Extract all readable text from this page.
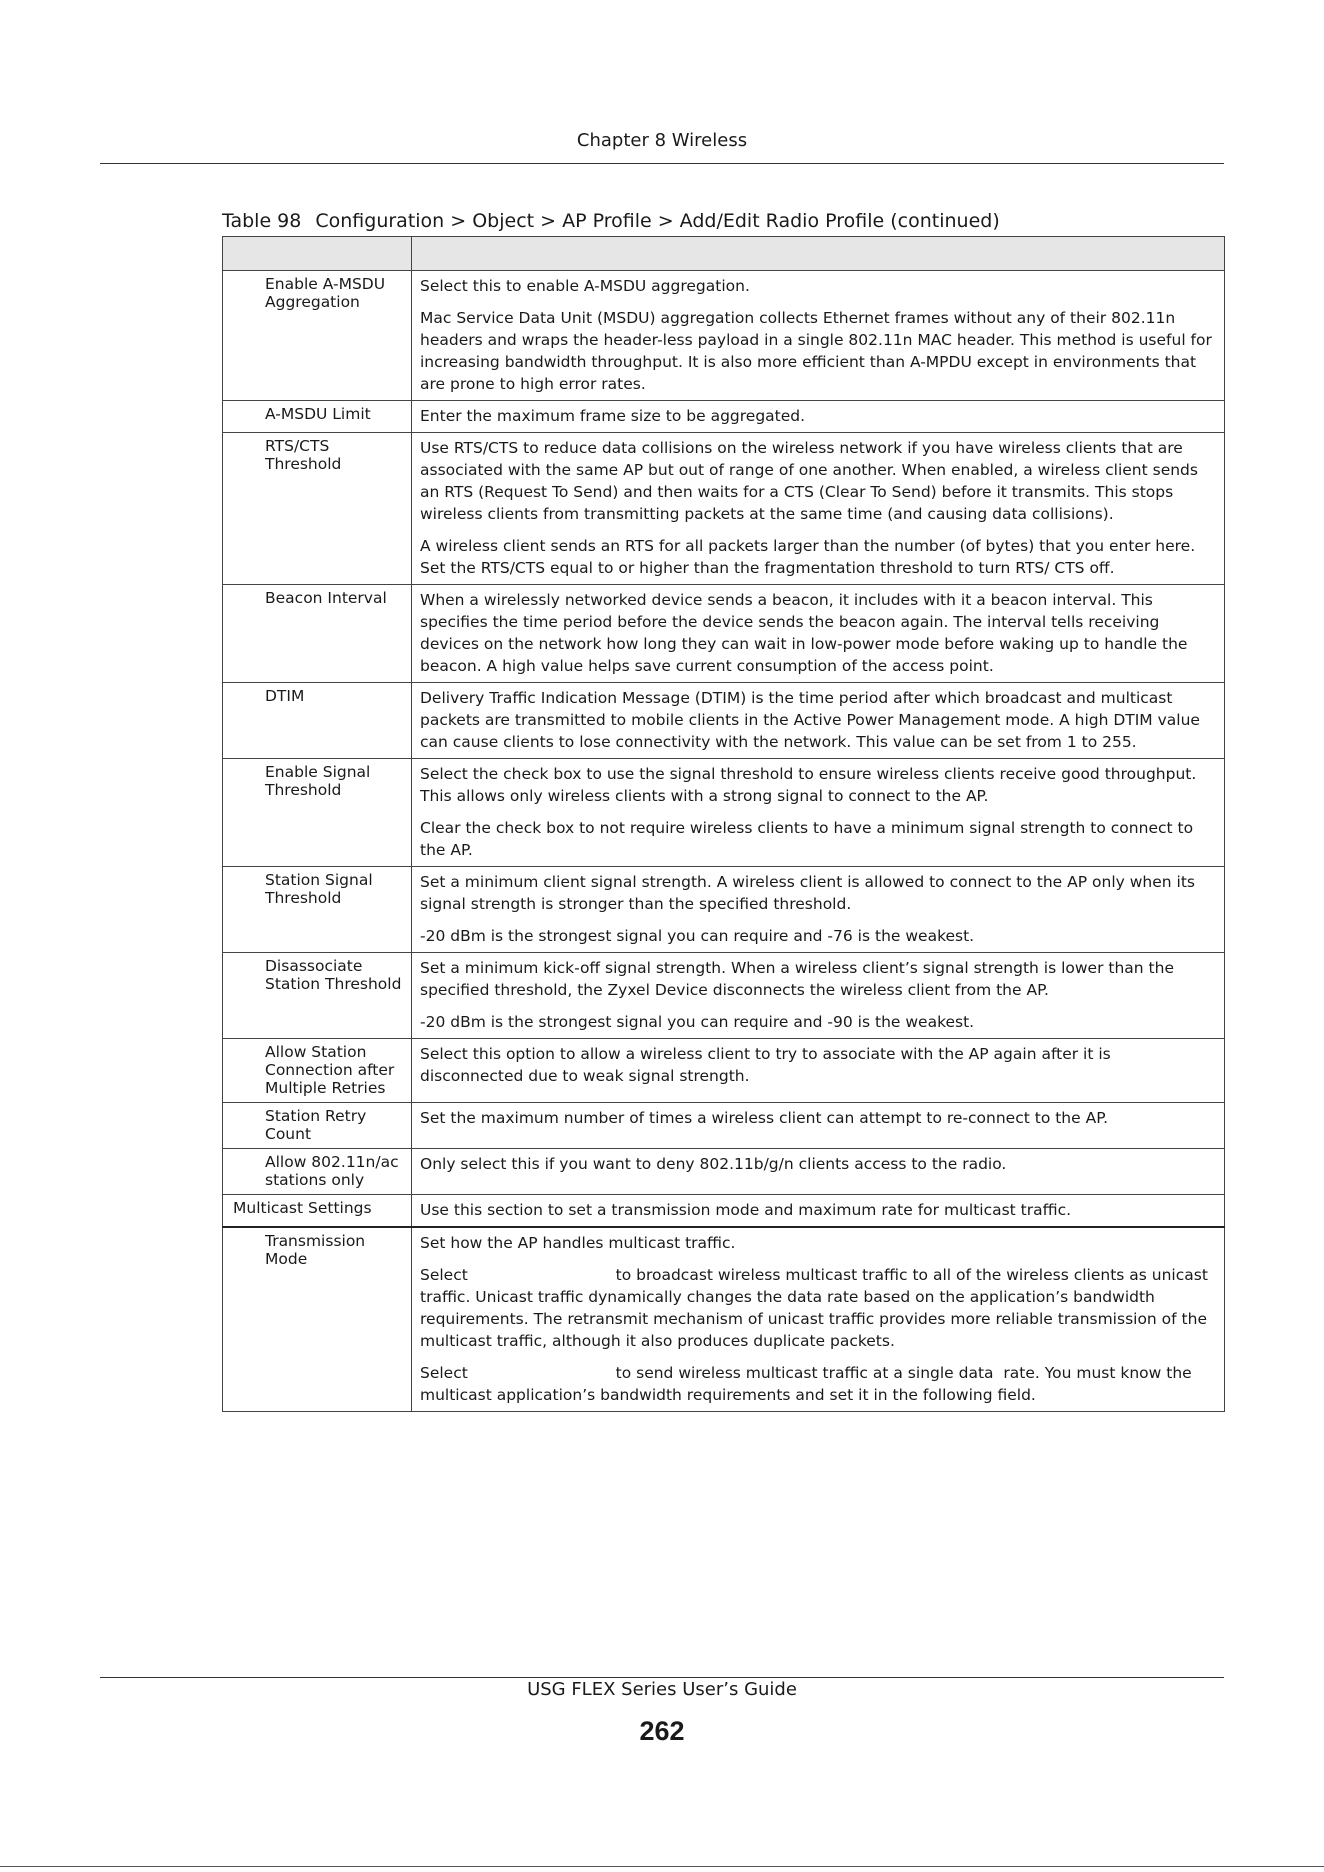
Chapter 8 Wireless
Table 98 Configuration > Object > AP Profile > Add/Edit Radio Profile (continued)

Enable A-MSDU Aggregation	Select this to enable A-MSDU aggregation.

Mac Service Data Unit (MSDU) aggregation collects Ethernet frames without any of their 802.11n headers and wraps the header-less payload in a single 802.11n MAC header. This method is useful for increasing bandwidth throughput. It is also more efficient than A-MPDU except in environments that are prone to high error rates.

A-MSDU Limit	Enter the maximum frame size to be aggregated.

RTS/CTS Threshold	Use RTS/CTS to reduce data collisions on the wireless network if you have wireless clients that are associated with the same AP but out of range of one another. When enabled, a wireless client sends an RTS (Request To Send) and then waits for a CTS (Clear To Send) before it transmits. This stops wireless clients from transmitting packets at the same time (and causing data collisions).

A wireless client sends an RTS for all packets larger than the number (of bytes) that you enter here. Set the RTS/CTS equal to or higher than the fragmentation threshold to turn RTS/ CTS off.

Beacon Interval	When a wirelessly networked device sends a beacon, it includes with it a beacon interval. This specifies the time period before the device sends the beacon again. The interval tells receiving devices on the network how long they can wait in low-power mode before waking up to handle the beacon. A high value helps save current consumption of the access point.

DTIM	Delivery Traffic Indication Message (DTIM) is the time period after which broadcast and multicast packets are transmitted to mobile clients in the Active Power Management mode. A high DTIM value can cause clients to lose connectivity with the network. This value can be set from 1 to 255.

Enable Signal Threshold	Select the check box to use the signal threshold to ensure wireless clients receive good throughput. This allows only wireless clients with a strong signal to connect to the AP.

Clear the check box to not require wireless clients to have a minimum signal strength to connect to the AP.

Station Signal Threshold	Set a minimum client signal strength. A wireless client is allowed to connect to the AP only when its signal strength is stronger than the specified threshold.

-20 dBm is the strongest signal you can require and -76 is the weakest.

Disassociate Station Threshold	Set a minimum kick-off signal strength. When a wireless client’s signal strength is lower than the specified threshold, the Zyxel Device disconnects the wireless client from the AP.

-20 dBm is the strongest signal you can require and -90 is the weakest.

Allow Station Connection after Multiple Retries	Select this option to allow a wireless client to try to associate with the AP again after it is disconnected due to weak signal strength.

Station Retry Count	Set the maximum number of times a wireless client can attempt to re-connect to the AP.

Allow 802.11n/ac stations only	Only select this if you want to deny 802.11b/g/n clients access to the radio.

Multicast Settings	Use this section to set a transmission mode and maximum rate for multicast traffic.

Transmission Mode	Set how the AP handles multicast traffic.

Select                              to broadcast wireless multicast traffic to all of the wireless clients as unicast traffic. Unicast traffic dynamically changes the data rate based on the application’s bandwidth requirements. The retransmit mechanism of unicast traffic provides more reliable transmission of the multicast traffic, although it also produces duplicate packets.

Select                              to send wireless multicast traffic at a single data  rate. You must know the multicast application’s bandwidth requirements and set it in the following field.

USG FLEX Series User’s Guide
262
